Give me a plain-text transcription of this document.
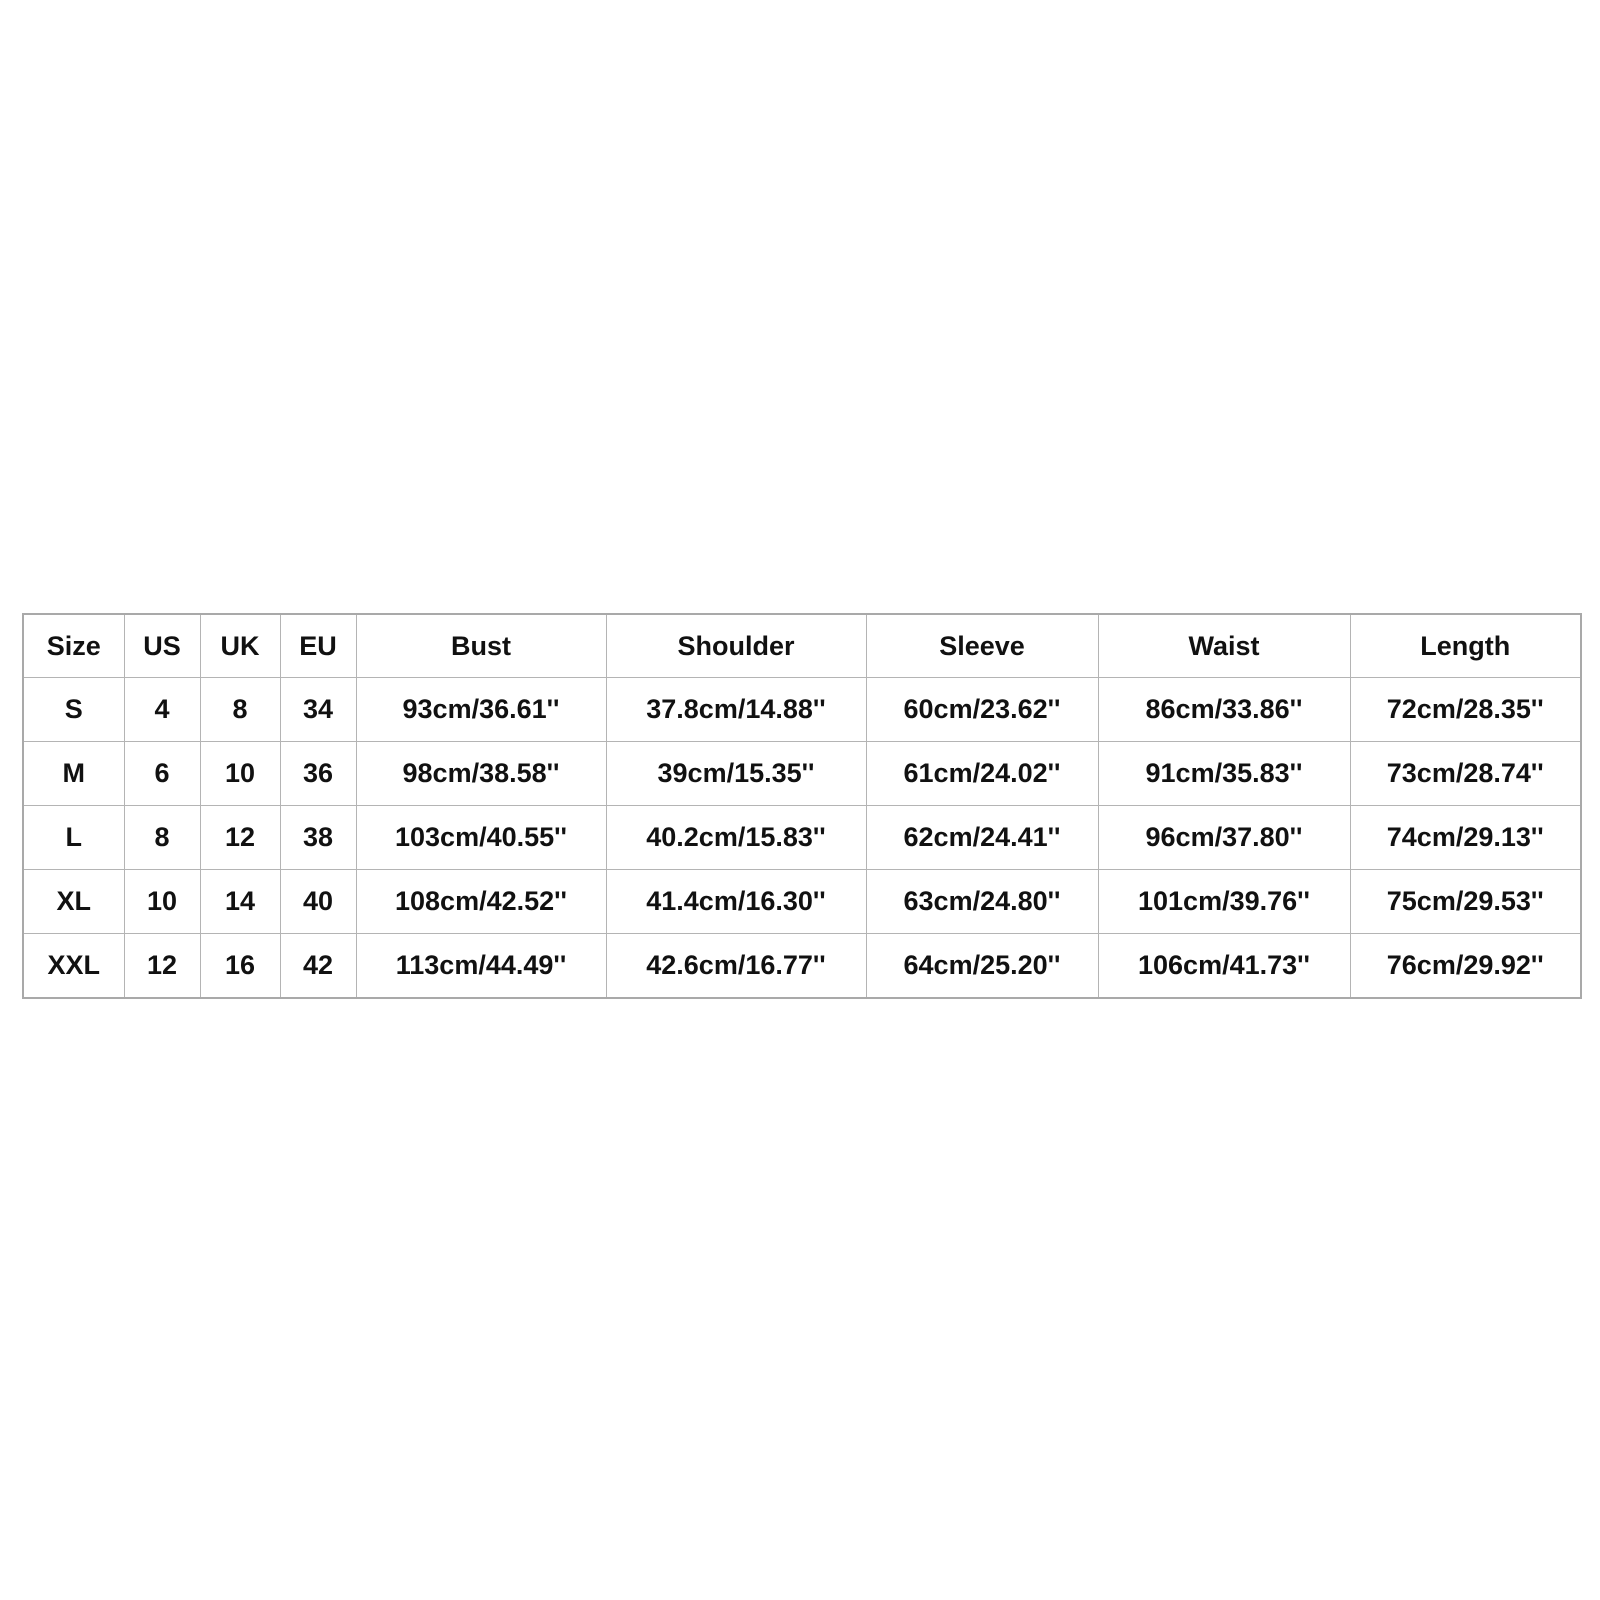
Size	US	UK	EU	Bust	Shoulder	Sleeve	Waist	Length
S	4	8	34	93cm/36.61''	37.8cm/14.88''	60cm/23.62''	86cm/33.86''	72cm/28.35''
M	6	10	36	98cm/38.58''	39cm/15.35''	61cm/24.02''	91cm/35.83''	73cm/28.74''
L	8	12	38	103cm/40.55''	40.2cm/15.83''	62cm/24.41''	96cm/37.80''	74cm/29.13''
XL	10	14	40	108cm/42.52''	41.4cm/16.30''	63cm/24.80''	101cm/39.76''	75cm/29.53''
XXL	12	16	42	113cm/44.49''	42.6cm/16.77''	64cm/25.20''	106cm/41.73''	76cm/29.92''
